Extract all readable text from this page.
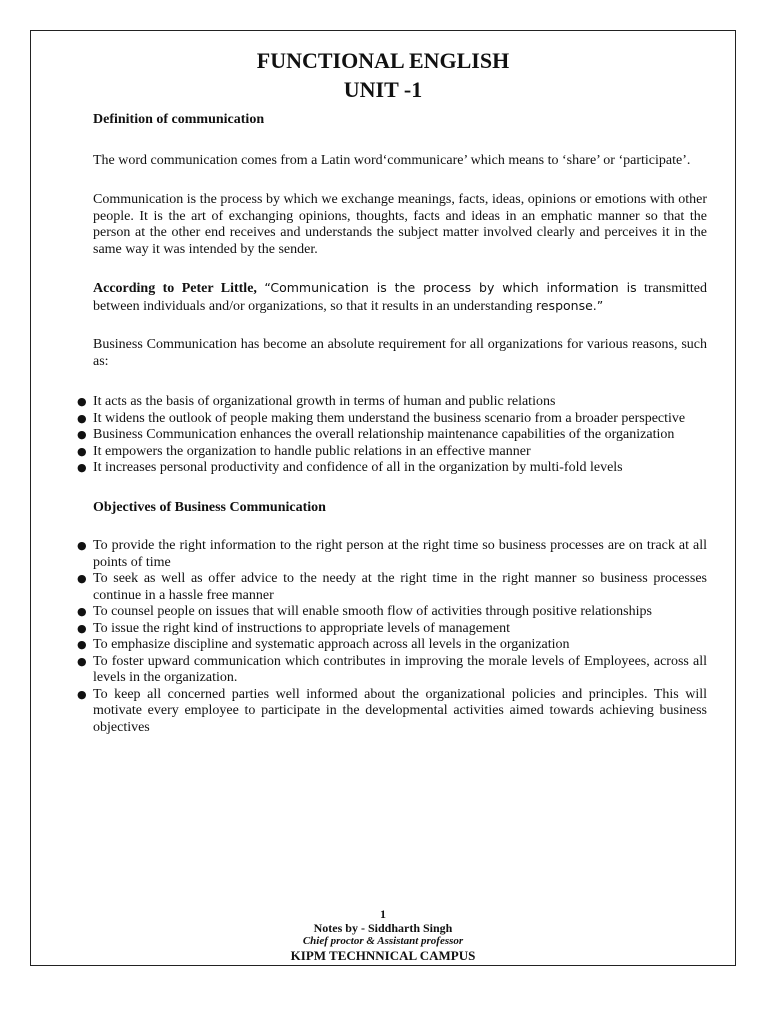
FUNCTIONAL ENGLISH
UNIT -1
Definition of communication

The word communication comes from a Latin word‘communicare’ which means to ‘share’ or ‘participate’.

Communication is the process by which we exchange meanings, facts, ideas, opinions or emotions with other people. It is the art of exchanging opinions, thoughts, facts and ideas in an emphatic manner so that the person at the other end receives and understands the subject matter involved clearly and perceives it in the same way it was intended by the sender.

According to Peter Little, “Communication is the process by which information is transmitted between individuals and/or organizations, so that it results in an understanding response.”

Business Communication has become an absolute requirement for all organizations for various reasons, such as:

● It acts as the basis of organizational growth in terms of human and public relations
● It widens the outlook of people making them understand the business scenario from a broader perspective
● Business Communication enhances the overall relationship maintenance capabilities of the organization
● It empowers the organization to handle public relations in an effective manner
● It increases personal productivity and confidence of all in the organization by multi-fold levels
Objectives of Business Communication
● To provide the right information to the right person at the right time so business processes are on track at all points of time
● To seek as well as offer advice to the needy at the right time in the right manner so business processes continue in a hassle free manner
● To counsel people on issues that will enable smooth flow of activities through positive relationships
● To issue the right kind of instructions to appropriate levels of management
● To emphasize discipline and systematic approach across all levels in the organization
● To foster upward communication which contributes in improving the morale levels of Employees, across all levels in the organization.
● To keep all concerned parties well informed about the organizational policies and principles. This will motivate every employee to participate in the developmental activities aimed towards achieving business objectives
1
Notes by - Siddharth Singh
Chief proctor & Assistant professor
KIPM TECHNNICAL CAMPUS
